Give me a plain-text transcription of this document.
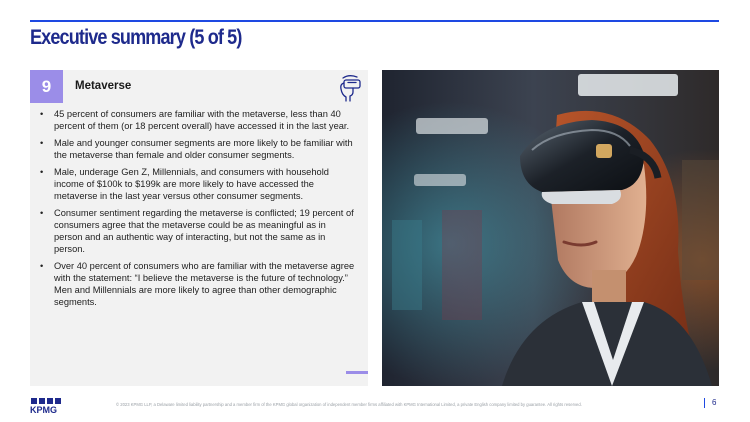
Executive summary (5 of 5)
9	Metaverse
• 45 percent of consumers are familiar with the metaverse, less than 40 percent of them (or 18 percent overall) have accessed it in the last year.
• Male and younger consumer segments are more likely to be familiar with the metaverse than female and older consumer segments.
• Male, underage Gen Z, Millennials, and consumers with household income of $100k to $199k are more likely to have accessed the metaverse in the last year versus other consumer segments.
• Consumer sentiment regarding the metaverse is conflicted; 19 percent of consumers agree that the metaverse could be as meaningful as in person and an authentic way of interacting, but not the same as in person.
• Over 40 percent of consumers who are familiar with the metaverse agree with the statement: “I believe the metaverse is the future of technology.” Men and Millennials are more likely to agree than other demographic segments.
KPMG
© 2023 KPMG LLP, a Delaware limited liability partnership and a member firm of the KPMG global organization of independent member firms affiliated with KPMG International Limited, a private English company limited by guarantee. All rights reserved.	6
